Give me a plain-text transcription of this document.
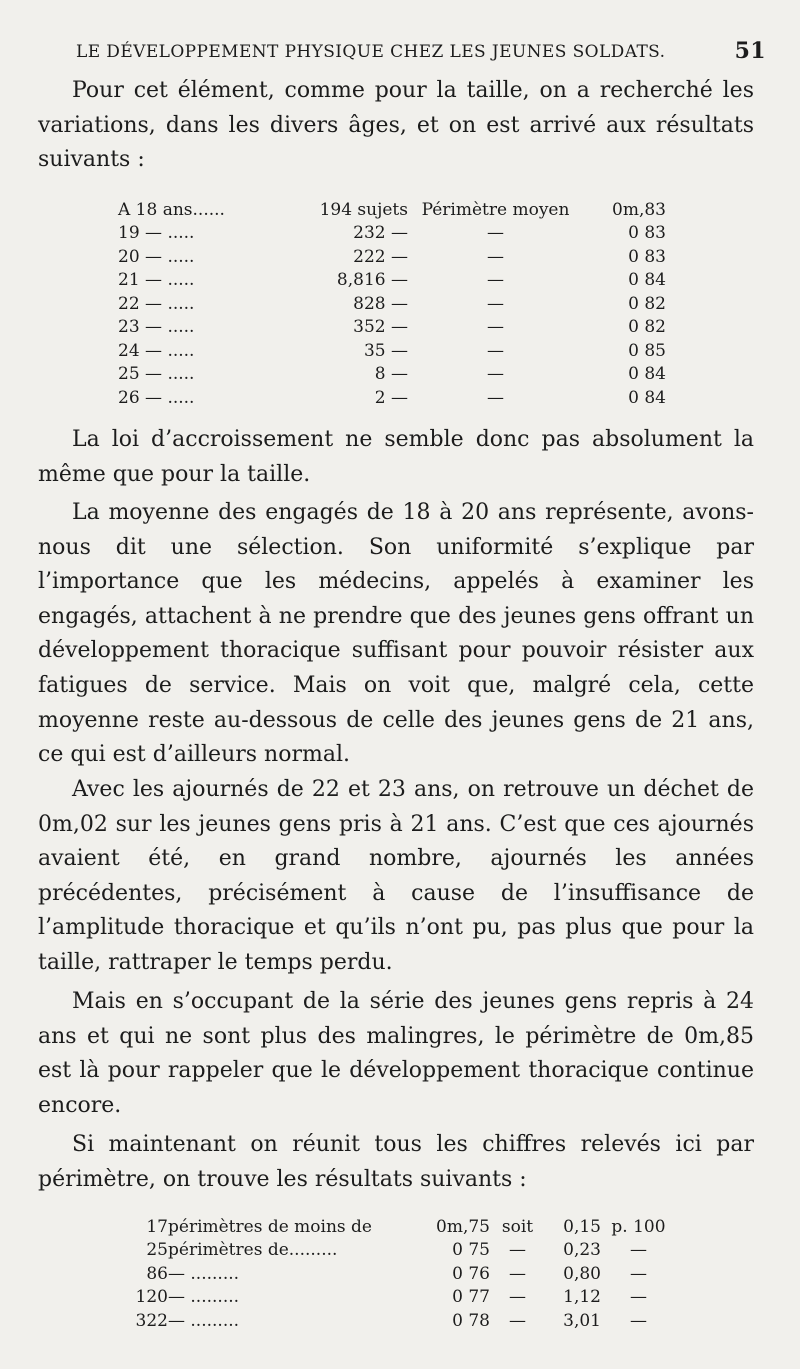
LE DÉVELOPPEMENT PHYSIQUE CHEZ LES JEUNES SOLDATS.	51

Pour cet élément, comme pour la taille, on a recherché les variations, dans les divers âges, et on est arrivé aux résultats suivants :

A 18 ans......	194 sujets	Périmètre moyen	0m,83
19 — .....	232 —	—	0 83
20 — .....	222 —	—	0 83
21 — .....	8,816 —	—	0 84
22 — .....	828 —	—	0 82
23 — .....	352 —	—	0 82
24 — .....	35 —	—	0 85
25 — .....	8 —	—	0 84
26 — .....	2 —	—	0 84

La loi d’accroissement ne semble donc pas absolument la même que pour la taille.

La moyenne des engagés de 18 à 20 ans représente, avons-nous dit une sélection. Son uniformité s’explique par l’importance que les médecins, appelés à examiner les engagés, attachent à ne prendre que des jeunes gens offrant un développement thoracique suffisant pour pouvoir résister aux fatigues de service. Mais on voit que, malgré cela, cette moyenne reste au-dessous de celle des jeunes gens de 21 ans, ce qui est d’ailleurs normal.

Avec les ajournés de 22 et 23 ans, on retrouve un déchet de 0m,02 sur les jeunes gens pris à 21 ans. C’est que ces ajournés avaient été, en grand nombre, ajournés les années précédentes, précisément à cause de l’insuffisance de l’amplitude thoracique et qu’ils n’ont pu, pas plus que pour la taille, rattraper le temps perdu.

Mais en s’occupant de la série des jeunes gens repris à 24 ans et qui ne sont plus des malingres, le périmètre de 0m,85 est là pour rappeler que le développement thoracique continue encore.

Si maintenant on réunit tous les chiffres relevés ici par périmètre, on trouve les résultats suivants :

17	périmètres de moins de	0m,75	soit	0,15	p. 100
25	périmètres de.........	0 75	—	0,23	—
86	— .........	0 76	—	0,80	—
120	— .........	0 77	—	1,12	—
322	— .........	0 78	—	3,01	—
